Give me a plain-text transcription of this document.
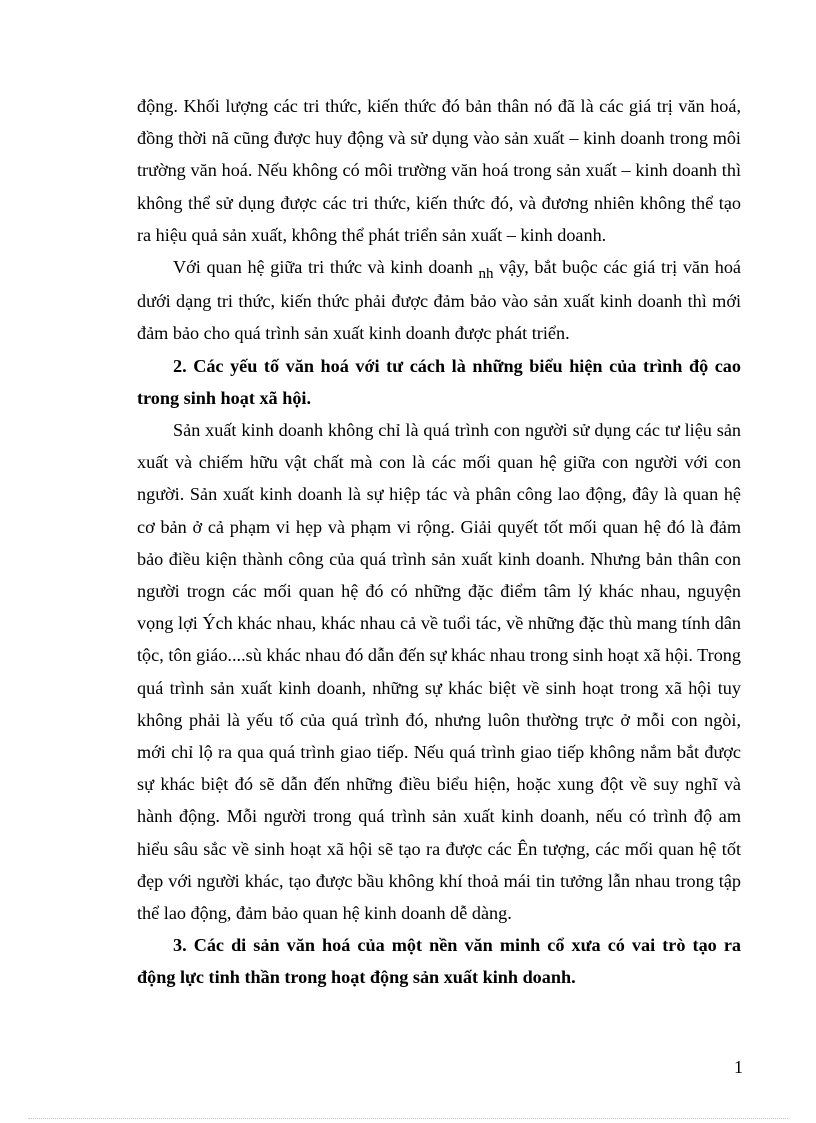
động. Khối lượng các tri thức, kiến thức đó bản thân nó đã là các giá trị văn hoá, đồng thời nã cũng được huy động và sử dụng vào sản xuất – kinh doanh trong môi trường văn hoá. Nếu không có môi trường văn hoá trong sản xuất – kinh doanh thì không thể sử dụng được các tri thức, kiến thức đó, và đương nhiên không thể tạo ra hiệu quả sản xuất, không thể phát triển sản xuất – kinh doanh.

Với quan hệ giữa tri thức và kinh doanh $_{nh}$ vậy, bắt buộc các giá trị văn hoá dưới dạng tri thức, kiến thức phải được đảm bảo vào sản xuất kinh doanh thì mới đảm bảo cho quá trình sản xuất kinh doanh được phát triển.

2. Các yếu tố văn hoá với tư cách là những biểu hiện của trình độ cao trong sinh hoạt xã hội.

Sản xuất kinh doanh không chỉ là quá trình con người sử dụng các tư liệu sản xuất và chiếm hữu vật chất mà con là các mối quan hệ giữa con người với con người. Sản xuất kinh doanh là sự hiệp tác và phân công lao động, đây là quan hệ cơ bản ở cả phạm vi hẹp và phạm vi rộng. Giải quyết tốt mối quan hệ đó là đảm bảo điều kiện thành công của quá trình sản xuất kinh doanh. Nhưng bản thân con người trogn các mối quan hệ đó có những đặc điểm tâm lý khác nhau, nguyện vọng lợi Ých khác nhau, khác nhau cả về tuổi tác, về những đặc thù mang tính dân tộc, tôn giáo....sù khác nhau đó dẫn đến sự khác nhau trong sinh hoạt xã hội. Trong quá trình sản xuất kinh doanh, những sự khác biệt về sinh hoạt trong xã hội tuy không phải là yếu tố của quá trình đó, nhưng luôn thường trực ở mỗi con ngòi, mới chỉ lộ ra qua quá trình giao tiếp. Nếu quá trình giao tiếp không nắm bắt được sự khác biệt đó sẽ dẫn đến những điều biểu hiện, hoặc xung đột về suy nghĩ và hành động. Mỗi người trong quá trình sản xuất kinh doanh, nếu có trình độ am hiểu sâu sắc về sinh hoạt xã hội sẽ tạo ra được các Ên tượng, các mối quan hệ tốt đẹp với người khác, tạo được bầu không khí thoả mái tin tưởng lẫn nhau trong tập thể lao động, đảm bảo quan hệ kinh doanh dễ dàng.

3. Các di sản văn hoá của một nền văn minh cổ xưa có vai trò tạo ra động lực tinh thần trong hoạt động sản xuất kinh doanh.

1
